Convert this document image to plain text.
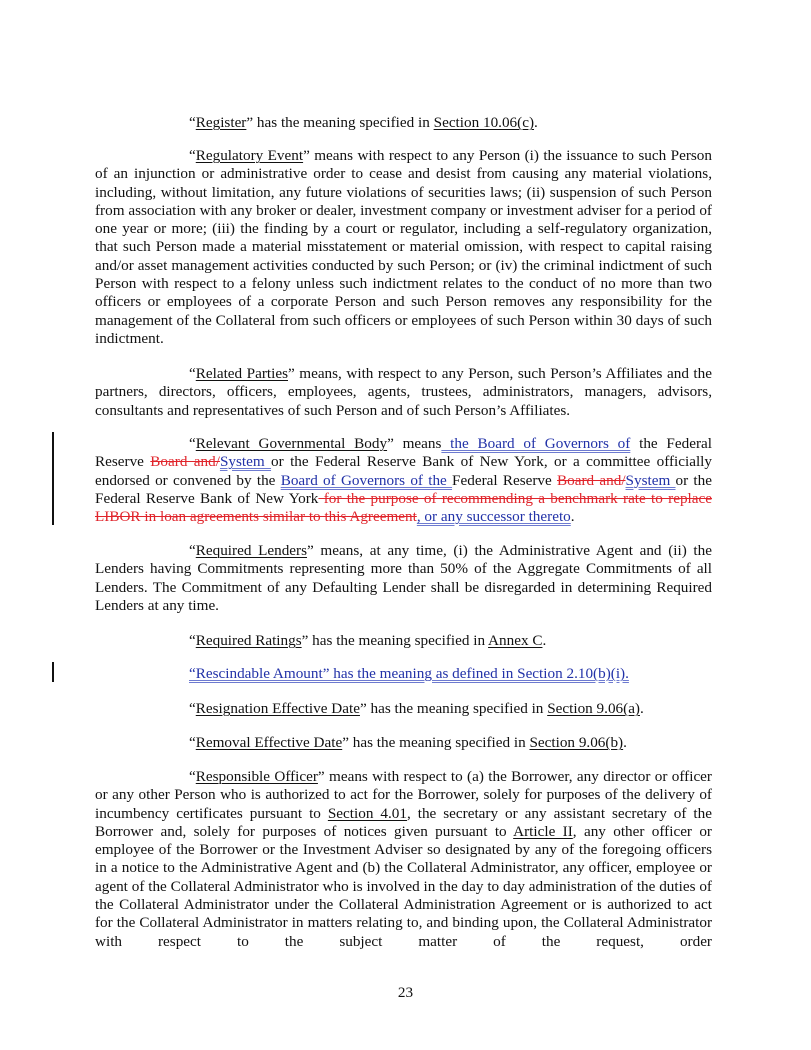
“Register” has the meaning specified in Section 10.06(c).
“Regulatory Event” means with respect to any Person (i) the issuance to such Person of an injunction or administrative order to cease and desist from causing any material violations, including, without limitation, any future violations of securities laws; (ii) suspension of such Person from association with any broker or dealer, investment company or investment adviser for a period of one year or more; (iii) the finding by a court or regulator, including a self-regulatory organization, that such Person made a material misstatement or material omission, with respect to capital raising and/or asset management activities conducted by such Person; or (iv) the criminal indictment of such Person with respect to a felony unless such indictment relates to the conduct of no more than two officers or employees of a corporate Person and such Person removes any responsibility for the management of the Collateral from such officers or employees of such Person within 30 days of such indictment.
“Related Parties” means, with respect to any Person, such Person’s Affiliates and the partners, directors, officers, employees, agents, trustees, administrators, managers, advisors, consultants and representatives of such Person and of such Person’s Affiliates.
“Relevant Governmental Body” means the Board of Governors of the Federal Reserve Board and/System or the Federal Reserve Bank of New York, or a committee officially endorsed or convened by the Board of Governors of the Federal Reserve Board and/System or the Federal Reserve Bank of New York for the purpose of recommending a benchmark rate to replace LIBOR in loan agreements similar to this Agreement, or any successor thereto.
“Required Lenders” means, at any time, (i) the Administrative Agent and (ii) the Lenders having Commitments representing more than 50% of the Aggregate Commitments of all Lenders. The Commitment of any Defaulting Lender shall be disregarded in determining Required Lenders at any time.
“Required Ratings” has the meaning specified in Annex C.
“Rescindable Amount” has the meaning as defined in Section 2.10(b)(i).
“Resignation Effective Date” has the meaning specified in Section 9.06(a).
“Removal Effective Date” has the meaning specified in Section 9.06(b).
“Responsible Officer” means with respect to (a) the Borrower, any director or officer or any other Person who is authorized to act for the Borrower, solely for purposes of the delivery of incumbency certificates pursuant to Section 4.01, the secretary or any assistant secretary of the Borrower and, solely for purposes of notices given pursuant to Article II, any other officer or employee of the Borrower or the Investment Adviser so designated by any of the foregoing officers in a notice to the Administrative Agent and (b) the Collateral Administrator, any officer, employee or agent of the Collateral Administrator who is involved in the day to day administration of the duties of the Collateral Administrator under the Collateral Administration Agreement or is authorized to act for the Collateral Administrator in matters relating to, and binding upon, the Collateral Administrator with respect to the subject matter of the request, order
23
